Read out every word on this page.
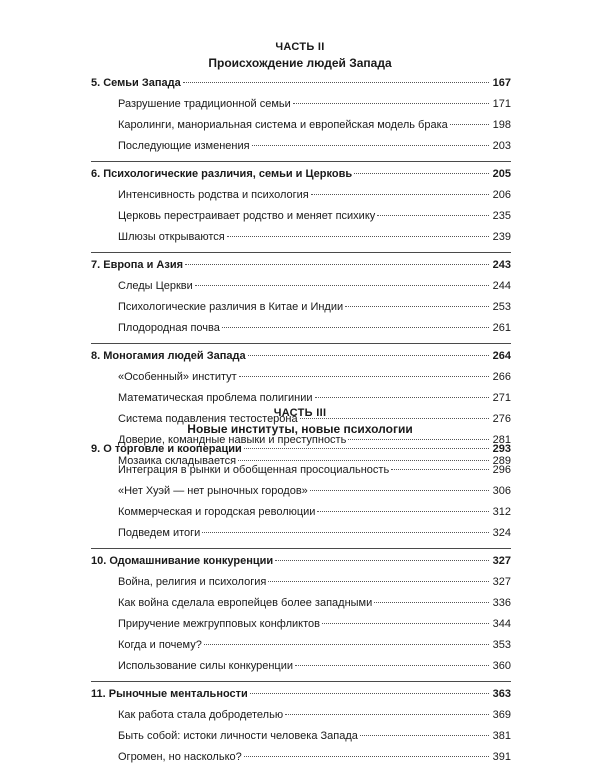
ЧАСТЬ II
Происхождение людей Запада
5. Семьи Запада	167
Разрушение традиционной семьи	171
Каролинги, манориальная система и европейская модель брака	198
Последующие изменения	203
6. Психологические различия, семьи и Церковь	205
Интенсивность родства и психология	206
Церковь перестраивает родство и меняет психику	235
Шлюзы открываются	239
7. Европа и Азия	243
Следы Церкви	244
Психологические различия в Китае и Индии	253
Плодородная почва	261
8. Моногамия людей Запада	264
«Особенный» институт	266
Математическая проблема полигинии	271
Система подавления тестостерона	276
Доверие, командные навыки и преступность	281
Мозаика складывается	289
ЧАСТЬ III
Новые институты, новые психологии
9. О торговле и кооперации	293
Интеграция в рынки и обобщенная просоциальность	296
«Нет Хуэй — нет рыночных городов»	306
Коммерческая и городская революции	312
Подведем итоги	324
10. Одомашнивание конкуренции	327
Война, религия и психология	327
Как война сделала европейцев более западными	336
Приручение межгрупповых конфликтов	344
Когда и почему?	353
Использование силы конкуренции	360
11. Рыночные ментальности	363
Как работа стала добродетелью	369
Быть собой: истоки личности человека Запада	381
Огромен, но насколько?	391
